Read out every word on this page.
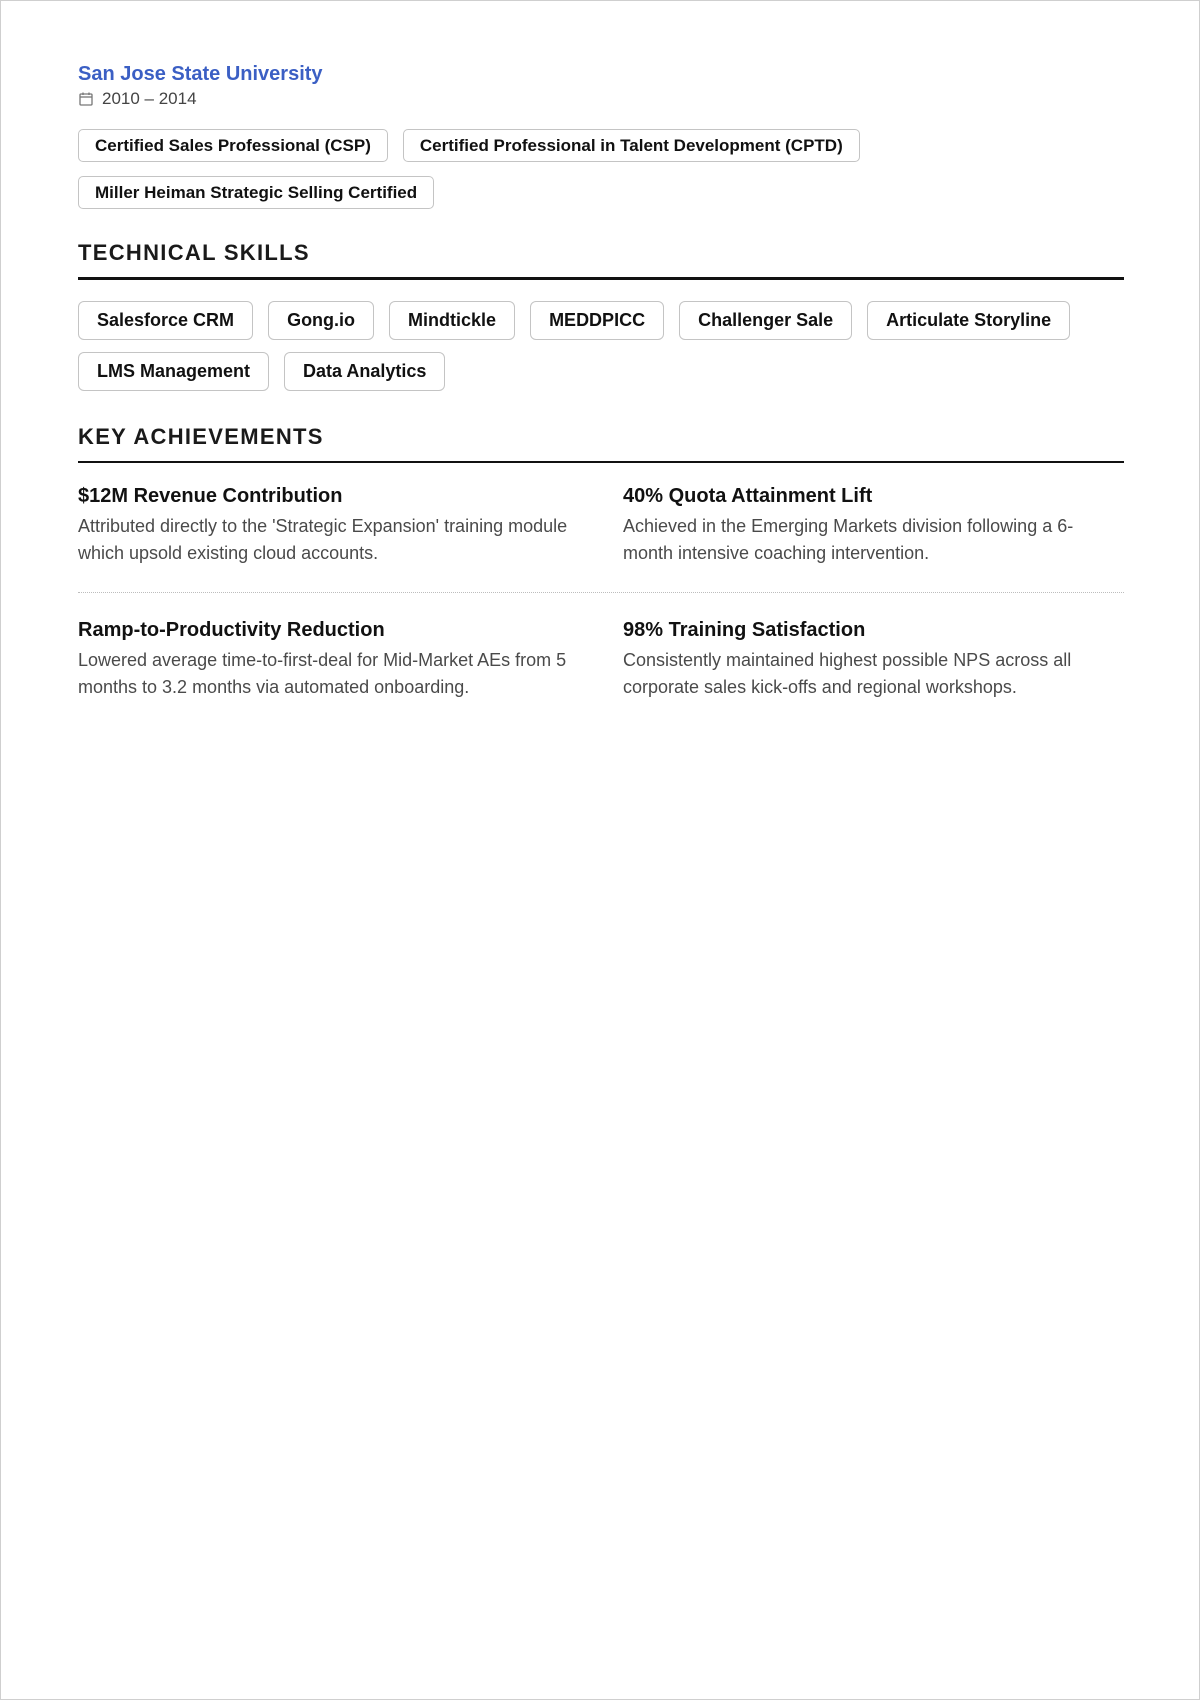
San Jose State University
2010 – 2014
Certified Sales Professional (CSP)	Certified Professional in Talent Development (CPTD)
Miller Heiman Strategic Selling Certified
TECHNICAL SKILLS
Salesforce CRM	Gong.io	Mindtickle	MEDDPICC	Challenger Sale	Articulate Storyline
LMS Management	Data Analytics
KEY ACHIEVEMENTS
$12M Revenue Contribution

Attributed directly to the 'Strategic Expansion' training module which upsold existing cloud accounts.

40% Quota Attainment Lift

Achieved in the Emerging Markets division following a 6-month intensive coaching intervention.

Ramp-to-Productivity Reduction

Lowered average time-to-first-deal for Mid-Market AEs from 5 months to 3.2 months via automated onboarding.

98% Training Satisfaction

Consistently maintained highest possible NPS across all corporate sales kick-offs and regional workshops.
